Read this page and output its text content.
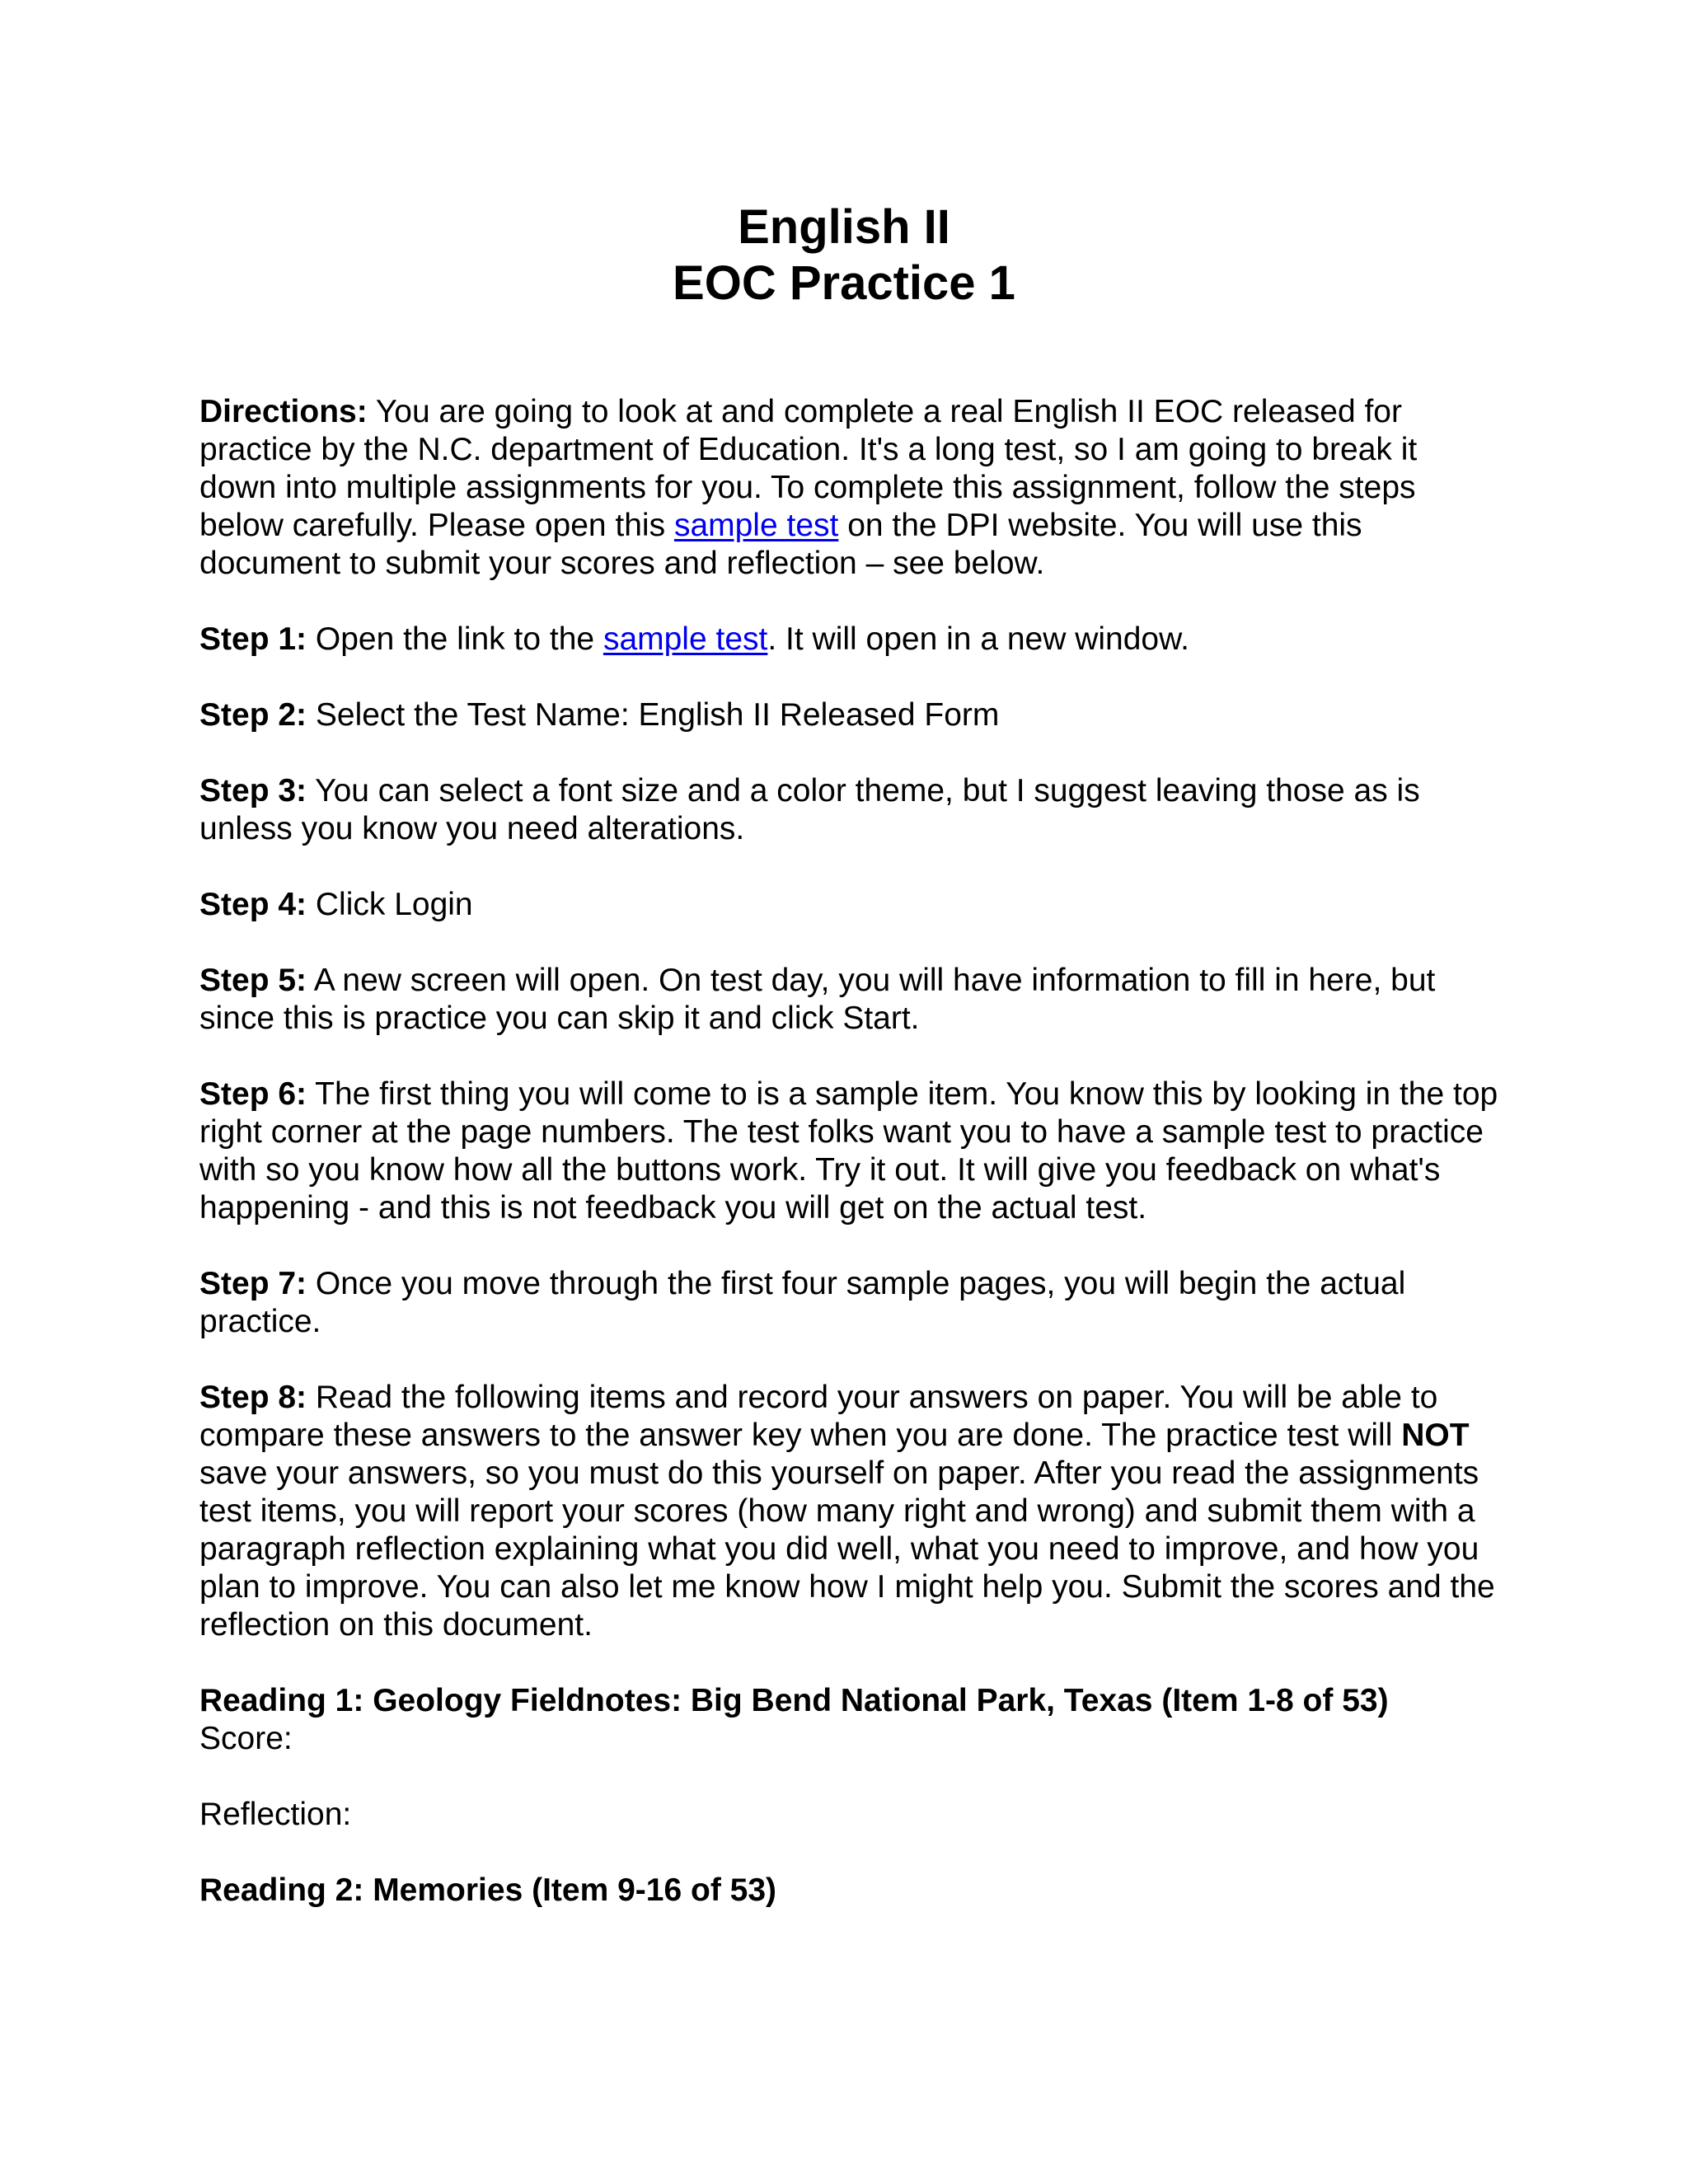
English II
EOC Practice 1

Directions: You are going to look at and complete a real English II EOC released for practice by the N.C. department of Education. It's a long test, so I am going to break it down into multiple assignments for you. To complete this assignment, follow the steps below carefully. Please open this sample test on the DPI website. You will use this document to submit your scores and reflection – see below.

Step 1: Open the link to the sample test. It will open in a new window.

Step 2: Select the Test Name: English II Released Form

Step 3: You can select a font size and a color theme, but I suggest leaving those as is unless you know you need alterations.

Step 4: Click Login

Step 5: A new screen will open. On test day, you will have information to fill in here, but since this is practice you can skip it and click Start.

Step 6: The first thing you will come to is a sample item. You know this by looking in the top right corner at the page numbers. The test folks want you to have a sample test to practice with so you know how all the buttons work. Try it out. It will give you feedback on what's happening - and this is not feedback you will get on the actual test.

Step 7: Once you move through the first four sample pages, you will begin the actual practice.

Step 8: Read the following items and record your answers on paper. You will be able to compare these answers to the answer key when you are done. The practice test will NOT save your answers, so you must do this yourself on paper. After you read the assignments test items, you will report your scores (how many right and wrong) and submit them with a paragraph reflection explaining what you did well, what you need to improve, and how you plan to improve. You can also let me know how I might help you. Submit the scores and the reflection on this document.

Reading 1: Geology Fieldnotes: Big Bend National Park, Texas (Item 1-8 of 53)

Score:

Reflection:

Reading 2: Memories (Item 9-16 of 53)
